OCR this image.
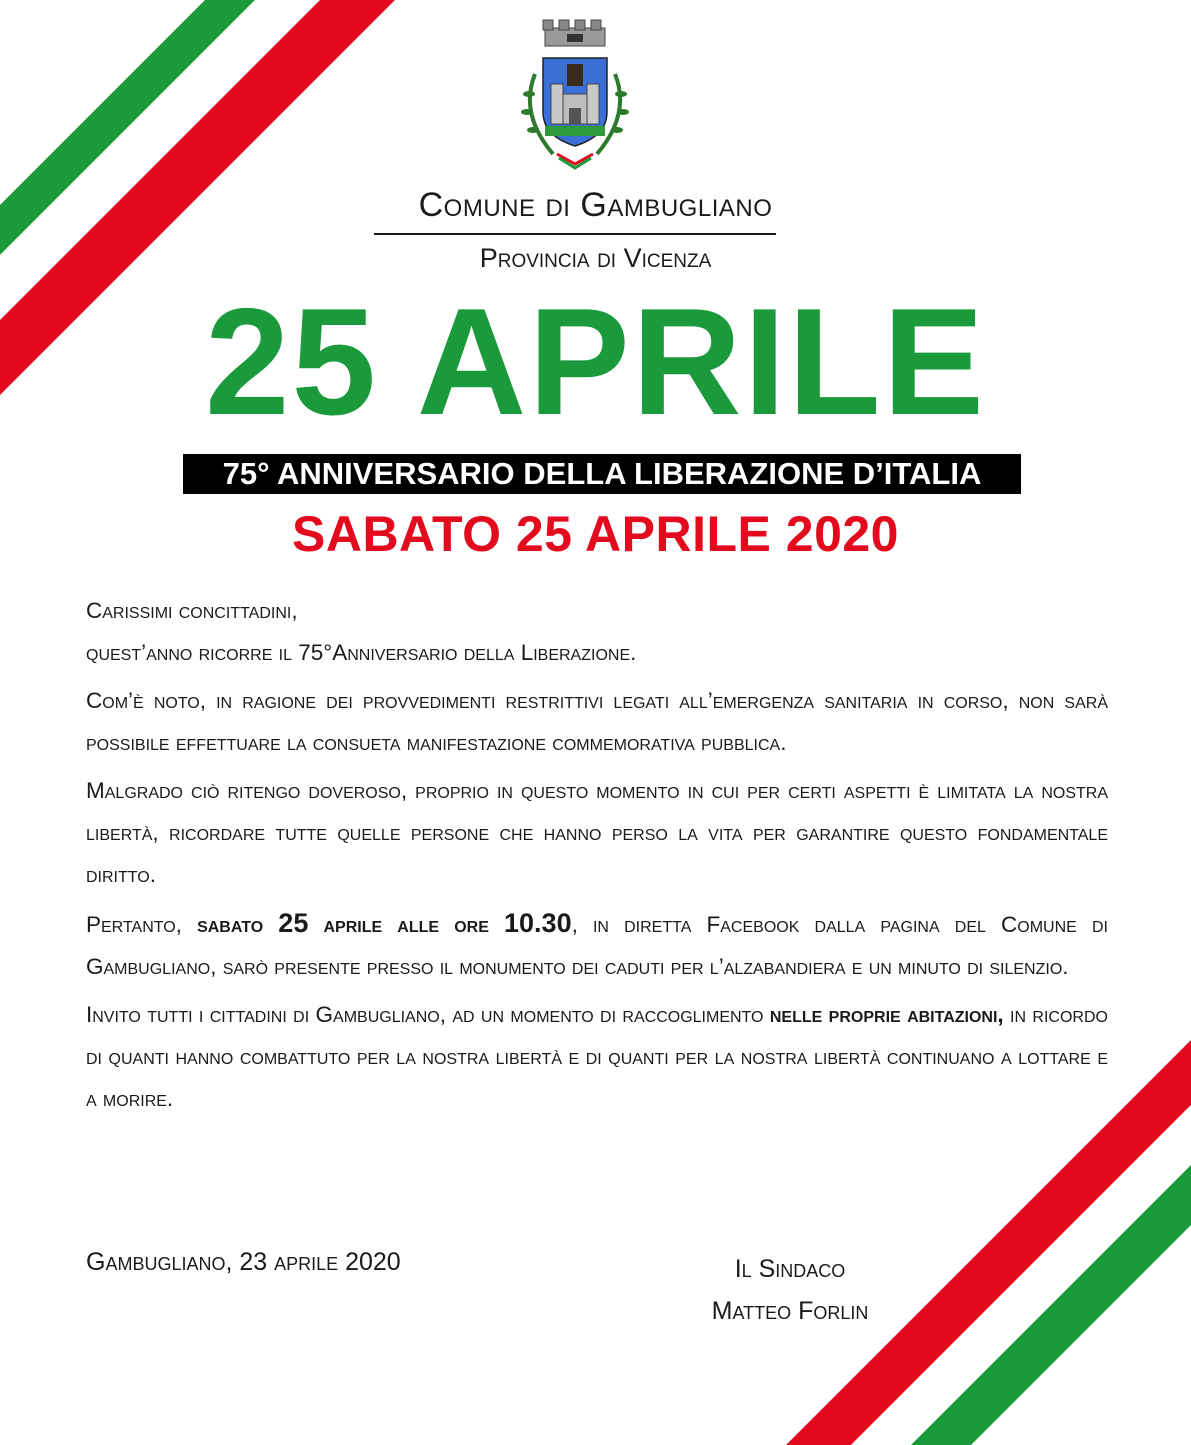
Comune di Gambugliano
Provincia di Vicenza
25 APRILE
75° ANNIVERSARIO DELLA LIBERAZIONE D’ITALIA
SABATO 25 APRILE 2020

Carissimi concittadini,

quest’anno ricorre il 75°Anniversario della Liberazione.

Com’è noto, in ragione dei provvedimenti restrittivi legati all’emergenza sanitaria in corso, non sarà possibile effettuare la consueta manifestazione commemorativa pubblica.

Malgrado ciò ritengo doveroso, proprio in questo momento in cui per certi aspetti è limitata la nostra libertà, ricordare tutte quelle persone che hanno perso la vita per garantire questo fondamentale diritto.

Pertanto, sabato 25 aprile alle ore 10.30, in diretta Facebook dalla pagina del Comune di Gambugliano, sarò presente presso il monumento dei caduti per l’alzabandiera e un minuto di silenzio.

Invito tutti i cittadini di Gambugliano, ad un momento di raccoglimento nelle proprie abitazioni, in ricordo di quanti hanno combattuto per la nostra libertà e di quanti per la nostra libertà continuano a lottare e a morire.

Gambugliano, 23 aprile 2020	Il Sindaco
Matteo Forlin
